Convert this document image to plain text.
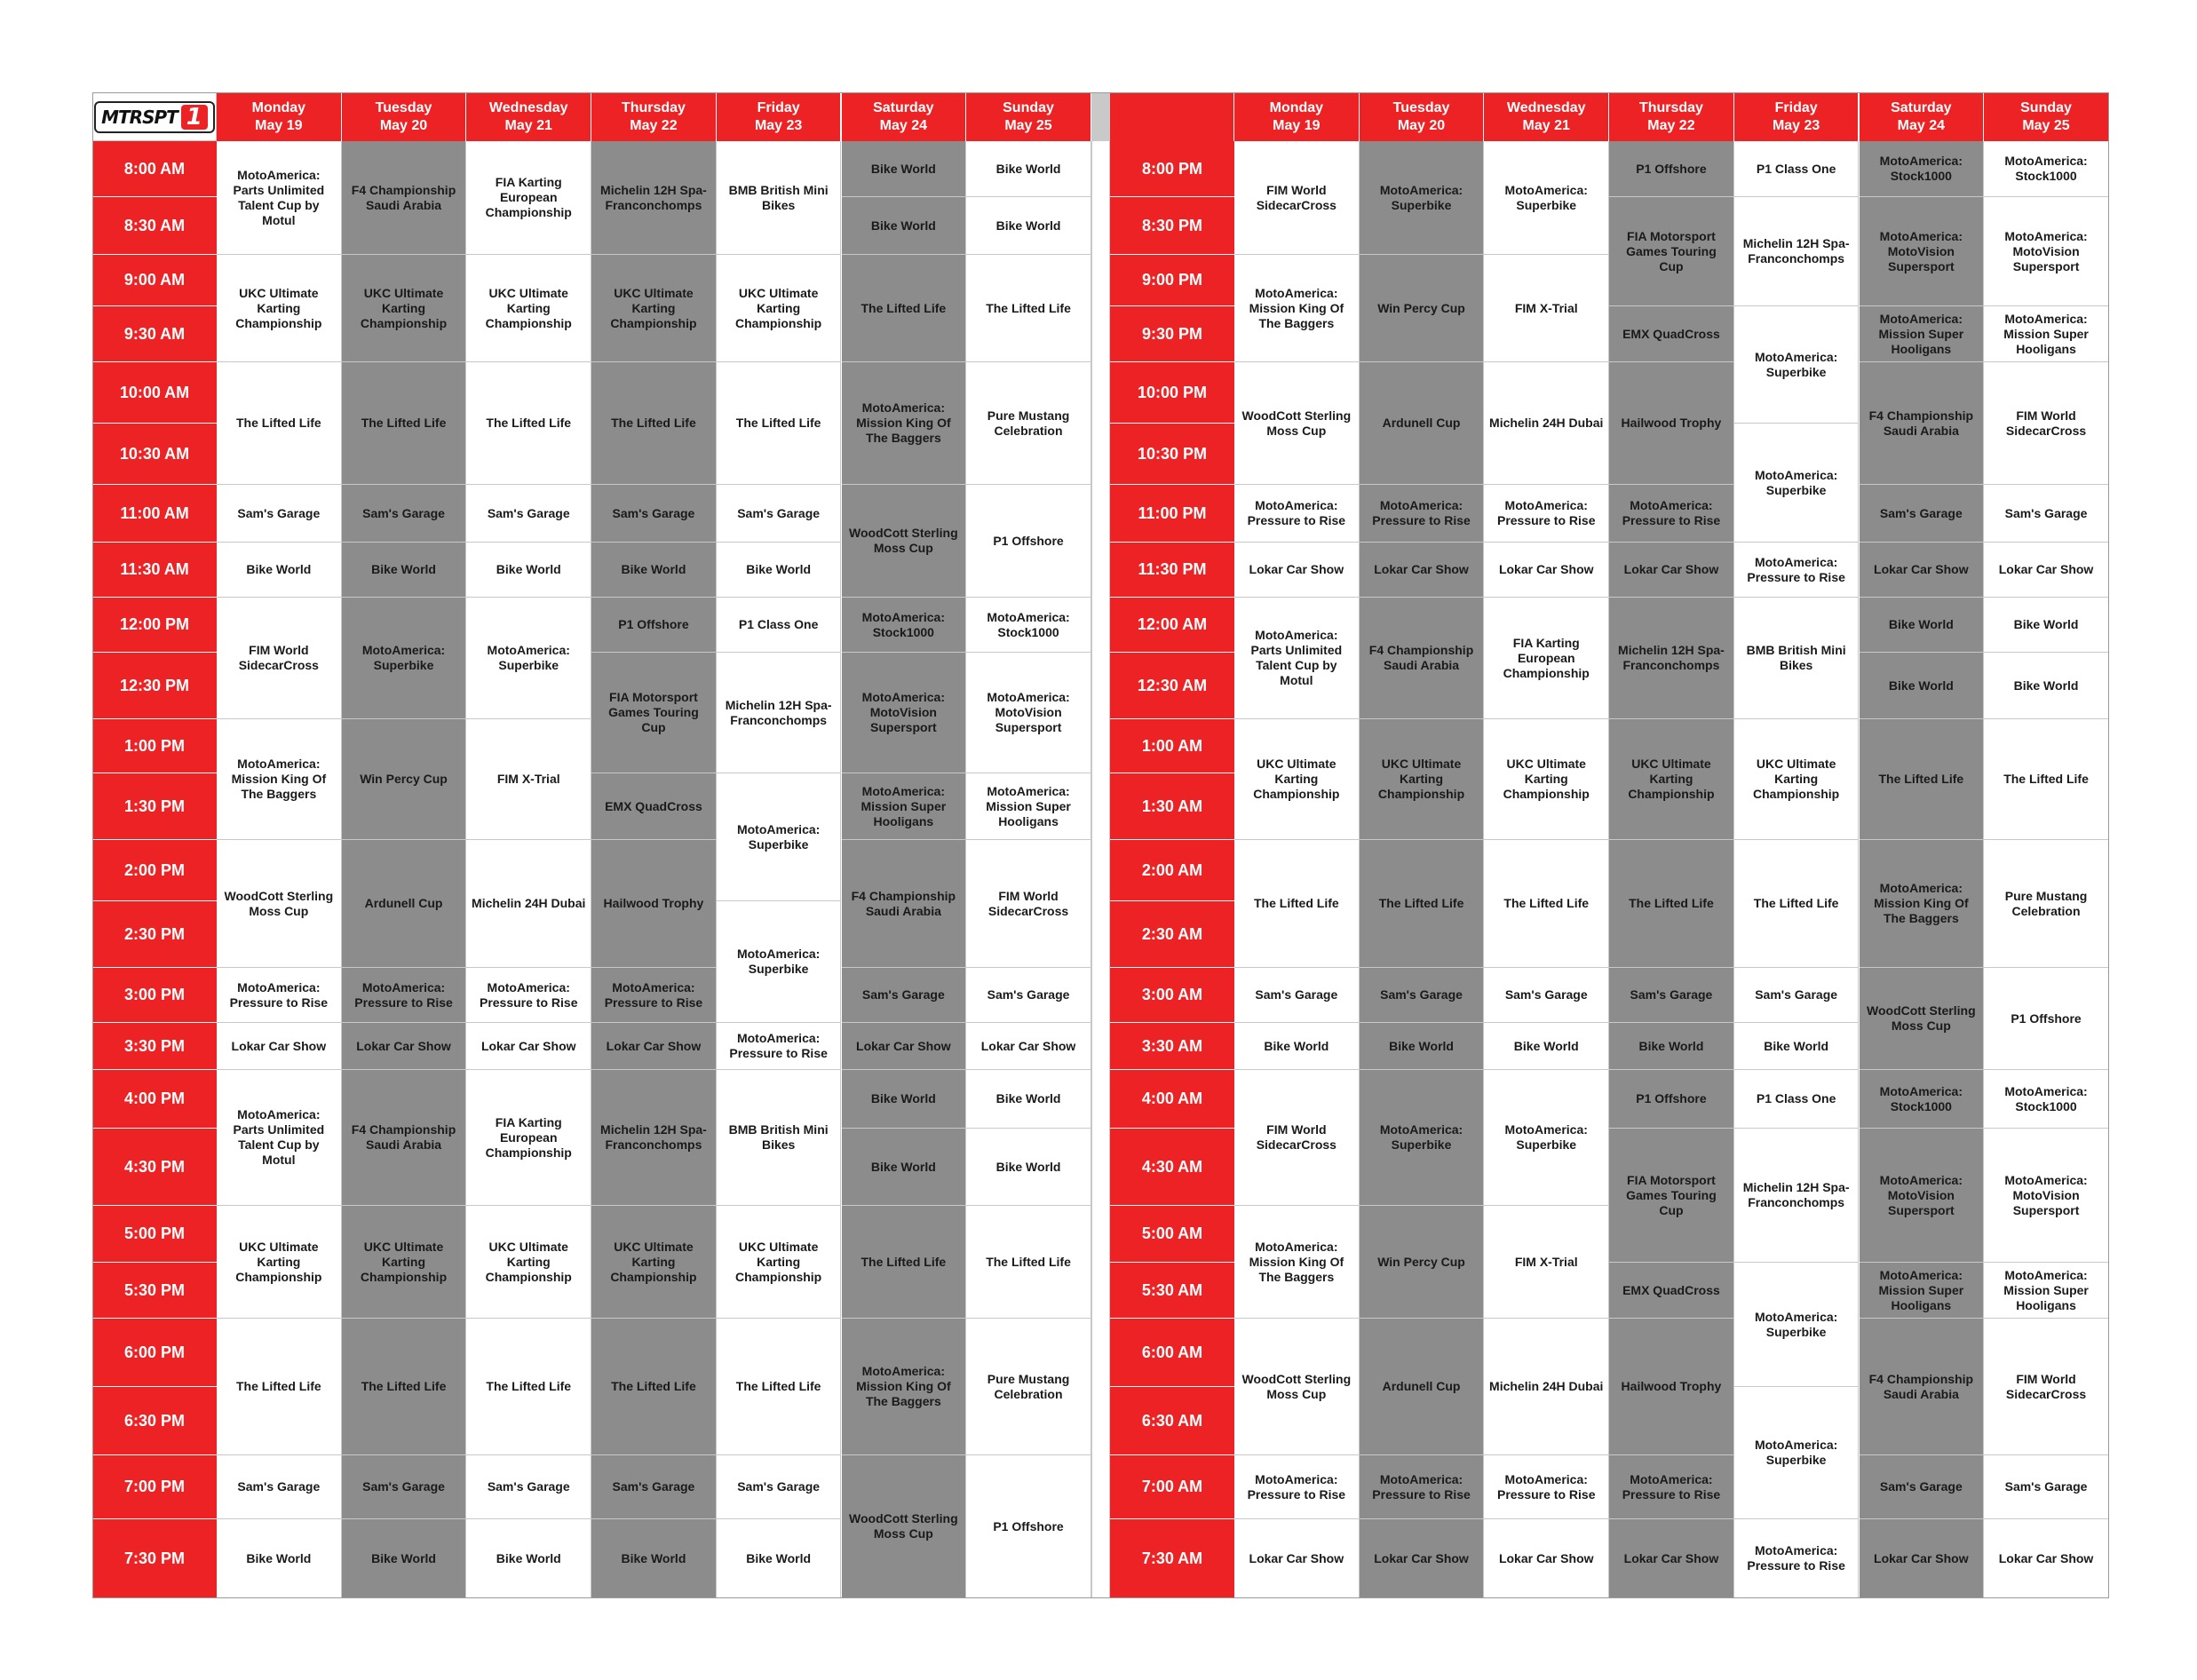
MTRSPT 1	Monday
May 19
Tuesday
May 20
Wednesday
May 21
Thursday
May 22
Friday
May 23
Saturday
May 24
Sunday
May 25
8:00 AM
8:30 AM
9:00 AM
9:30 AM
10:00 AM
10:30 AM
11:00 AM
11:30 AM
12:00 PM
12:30 PM
1:00 PM
1:30 PM
2:00 PM
2:30 PM
3:00 PM
3:30 PM
4:00 PM
4:30 PM
5:00 PM
5:30 PM
6:00 PM
6:30 PM
7:00 PM
7:30 PM
MotoAmerica: Parts Unlimited Talent Cup by Motul
UKC Ultimate Karting Championship
The Lifted Life
Sam's Garage
Bike World
FIM World SidecarCross
MotoAmerica: Mission King Of The Baggers
WoodCott Sterling Moss Cup
MotoAmerica: Pressure to Rise
Lokar Car Show
MotoAmerica: Parts Unlimited Talent Cup by Motul
UKC Ultimate Karting Championship
The Lifted Life
Sam's Garage
Bike World
F4 Championship Saudi Arabia
UKC Ultimate Karting Championship
The Lifted Life
Sam's Garage
Bike World
MotoAmerica: Superbike
Win Percy Cup
Ardunell Cup
MotoAmerica: Pressure to Rise
Lokar Car Show
F4 Championship Saudi Arabia
UKC Ultimate Karting Championship
The Lifted Life
Sam's Garage
Bike World
FIA Karting European Championship
UKC Ultimate Karting Championship
The Lifted Life
Sam's Garage
Bike World
MotoAmerica: Superbike
FIM X-Trial
Michelin 24H Dubai
MotoAmerica: Pressure to Rise
Lokar Car Show
FIA Karting European Championship
UKC Ultimate Karting Championship
The Lifted Life
Sam's Garage
Bike World
Michelin 12H Spa-Franconchomps
UKC Ultimate Karting Championship
The Lifted Life
Sam's Garage
Bike World
P1 Offshore
FIA Motorsport Games Touring Cup
EMX QuadCross
Hailwood Trophy
MotoAmerica: Pressure to Rise
Lokar Car Show
Michelin 12H Spa-Franconchomps
UKC Ultimate Karting Championship
The Lifted Life
Sam's Garage
Bike World
BMB British Mini Bikes
UKC Ultimate Karting Championship
The Lifted Life
Sam's Garage
Bike World
P1 Class One
Michelin 12H Spa-Franconchomps
MotoAmerica: Superbike
MotoAmerica: Superbike
MotoAmerica: Pressure to Rise
BMB British Mini Bikes
UKC Ultimate Karting Championship
The Lifted Life
Sam's Garage
Bike World
Bike World
Bike World
The Lifted Life
MotoAmerica: Mission King Of The Baggers
WoodCott Sterling Moss Cup
MotoAmerica: Stock1000
MotoAmerica: MotoVision Supersport
MotoAmerica: Mission Super Hooligans
F4 Championship Saudi Arabia
Sam's Garage
Lokar Car Show
Bike World
Bike World
The Lifted Life
MotoAmerica: Mission King Of The Baggers
WoodCott Sterling Moss Cup
Bike World
Bike World
The Lifted Life
Pure Mustang Celebration
P1 Offshore
MotoAmerica: Stock1000
MotoAmerica: MotoVision Supersport
MotoAmerica: Mission Super Hooligans
FIM World SidecarCross
Sam's Garage
Lokar Car Show
Bike World
Bike World
The Lifted Life
Pure Mustang Celebration
P1 Offshore
Monday
May 19
Tuesday
May 20
Wednesday
May 21
Thursday
May 22
Friday
May 23
Saturday
May 24
Sunday
May 25
8:00 PM
8:30 PM
9:00 PM
9:30 PM
10:00 PM
10:30 PM
11:00 PM
11:30 PM
12:00 AM
12:30 AM
1:00 AM
1:30 AM
2:00 AM
2:30 AM
3:00 AM
3:30 AM
4:00 AM
4:30 AM
5:00 AM
5:30 AM
6:00 AM
6:30 AM
7:00 AM
7:30 AM
FIM World SidecarCross
MotoAmerica: Mission King Of The Baggers
WoodCott Sterling Moss Cup
MotoAmerica: Pressure to Rise
Lokar Car Show
MotoAmerica: Parts Unlimited Talent Cup by Motul
UKC Ultimate Karting Championship
The Lifted Life
Sam's Garage
Bike World
FIM World SidecarCross
MotoAmerica: Mission King Of The Baggers
WoodCott Sterling Moss Cup
MotoAmerica: Pressure to Rise
Lokar Car Show
MotoAmerica: Superbike
Win Percy Cup
Ardunell Cup
MotoAmerica: Pressure to Rise
Lokar Car Show
F4 Championship Saudi Arabia
UKC Ultimate Karting Championship
The Lifted Life
Sam's Garage
Bike World
MotoAmerica: Superbike
Win Percy Cup
Ardunell Cup
MotoAmerica: Pressure to Rise
Lokar Car Show
MotoAmerica: Superbike
FIM X-Trial
Michelin 24H Dubai
MotoAmerica: Pressure to Rise
Lokar Car Show
FIA Karting European Championship
UKC Ultimate Karting Championship
The Lifted Life
Sam's Garage
Bike World
MotoAmerica: Superbike
FIM X-Trial
Michelin 24H Dubai
MotoAmerica: Pressure to Rise
Lokar Car Show
P1 Offshore
FIA Motorsport Games Touring Cup
EMX QuadCross
Hailwood Trophy
MotoAmerica: Pressure to Rise
Lokar Car Show
Michelin 12H Spa-Franconchomps
UKC Ultimate Karting Championship
The Lifted Life
Sam's Garage
Bike World
P1 Offshore
FIA Motorsport Games Touring Cup
EMX QuadCross
Hailwood Trophy
MotoAmerica: Pressure to Rise
Lokar Car Show
P1 Class One
Michelin 12H Spa-Franconchomps
MotoAmerica: Superbike
MotoAmerica: Superbike
MotoAmerica: Pressure to Rise
BMB British Mini Bikes
UKC Ultimate Karting Championship
The Lifted Life
Sam's Garage
Bike World
P1 Class One
Michelin 12H Spa-Franconchomps
MotoAmerica: Superbike
MotoAmerica: Superbike
MotoAmerica: Pressure to Rise
MotoAmerica: Stock1000
MotoAmerica: MotoVision Supersport
MotoAmerica: Mission Super Hooligans
F4 Championship Saudi Arabia
Sam's Garage
Lokar Car Show
Bike World
Bike World
The Lifted Life
MotoAmerica: Mission King Of The Baggers
WoodCott Sterling Moss Cup
MotoAmerica: Stock1000
MotoAmerica: MotoVision Supersport
MotoAmerica: Mission Super Hooligans
F4 Championship Saudi Arabia
Sam's Garage
Lokar Car Show
MotoAmerica: Stock1000
MotoAmerica: MotoVision Supersport
MotoAmerica: Mission Super Hooligans
FIM World SidecarCross
Sam's Garage
Lokar Car Show
Bike World
Bike World
The Lifted Life
Pure Mustang Celebration
P1 Offshore
MotoAmerica: Stock1000
MotoAmerica: MotoVision Supersport
MotoAmerica: Mission Super Hooligans
FIM World SidecarCross
Sam's Garage
Lokar Car Show
